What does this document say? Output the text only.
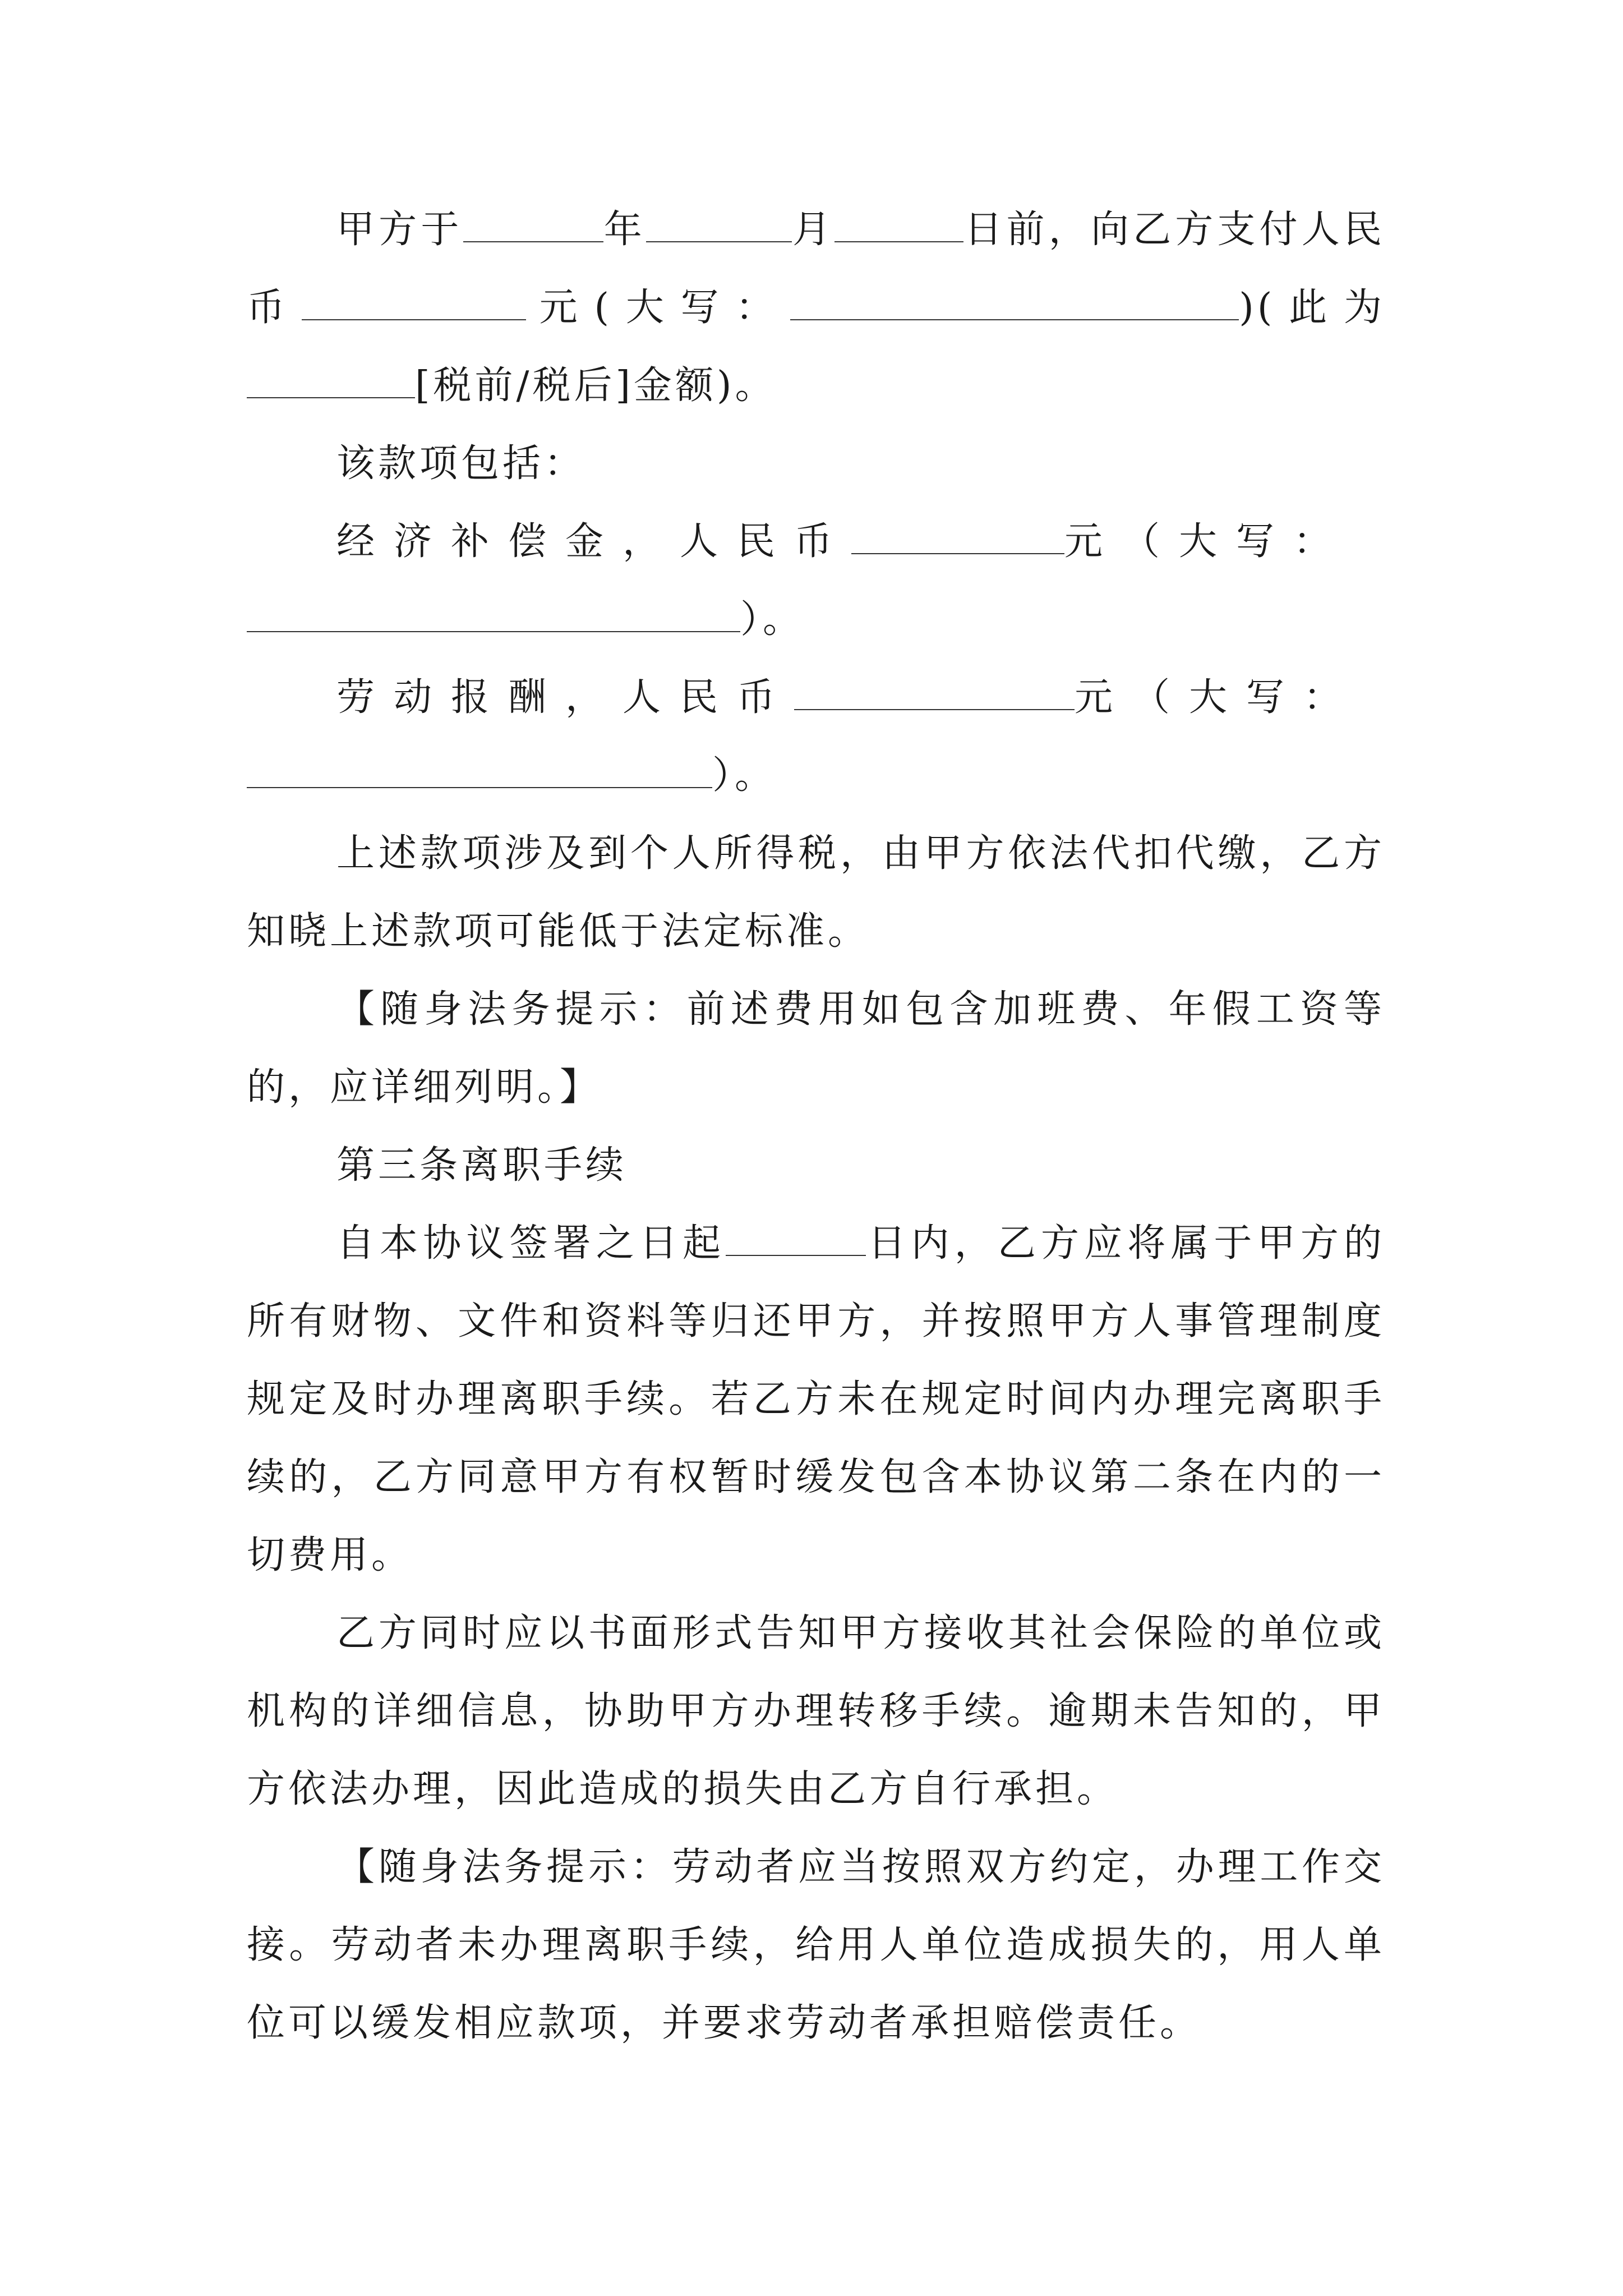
甲方于	年	月	日前，向乙方支付人民币	元(大写：	)(此为[税前/税后]金额)。

该款项包括：

经济补偿金，人民币	元（大写：
）。

劳动报酬，人民币	元（大写：
）。

上述款项涉及到个人所得税，由甲方依法代扣代缴，乙方知晓上述款项可能低于法定标准。

【随身法务提示：前述费用如包含加班费、年假工资等的，应详细列明。】

第三条离职手续

自本协议签署之日起	日内，乙方应将属于甲方的所有财物、文件和资料等归还甲方，并按照甲方人事管理制度规定及时办理离职手续。若乙方未在规定时间内办理完离职手续的，乙方同意甲方有权暂时缓发包含本协议第二条在内的一切费用。

乙方同时应以书面形式告知甲方接收其社会保险的单位或机构的详细信息，协助甲方办理转移手续。逾期未告知的，甲方依法办理，因此造成的损失由乙方自行承担。

【随身法务提示：劳动者应当按照双方约定，办理工作交接。劳动者未办理离职手续，给用人单位造成损失的，用人单位可以缓发相应款项，并要求劳动者承担赔偿责任。
